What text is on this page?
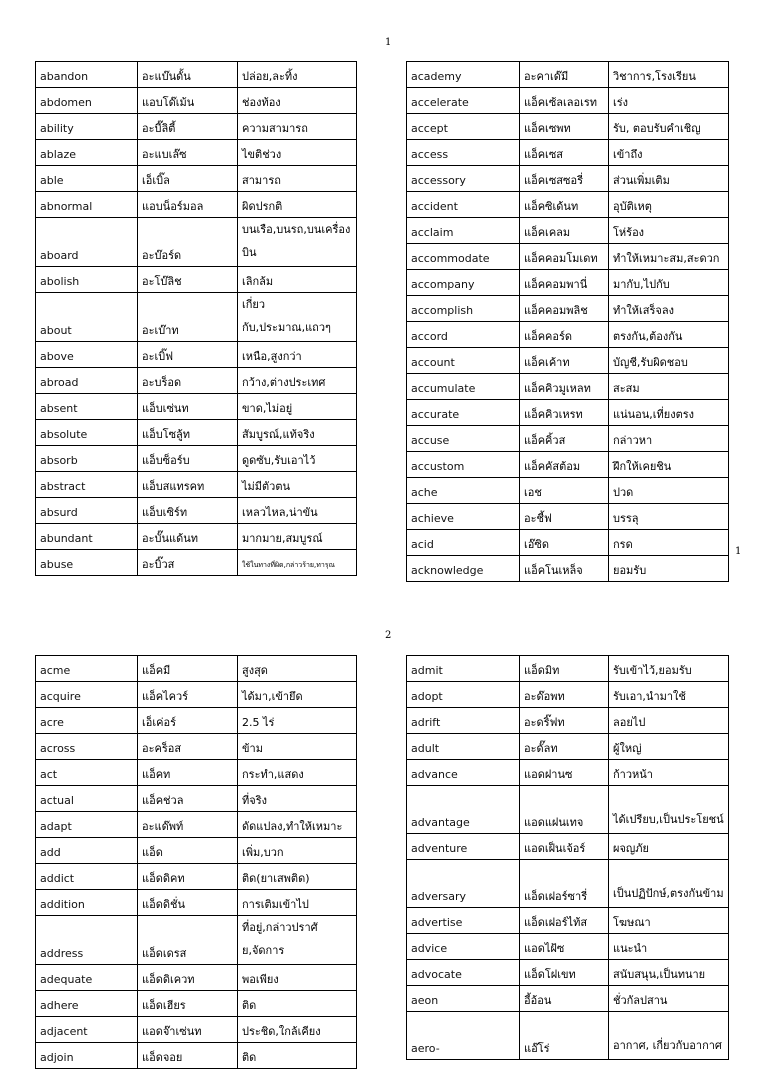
1
abandon	อะแบ๊นดั้น	ปล่อย,ละทิ้ง
abdomen	แอบโด๊เม้น	ช่องท้อง
ability	อะบี๊ลิตี้	ความสามารถ
ablaze	อะแบเล๊ซ	ไขติช่วง
able	เอ็เบิ๊ล	สามารถ
abnormal	แอบน็อร์มอล	ผิดปรกติ
aboard	อะบ๊อร์ด	บนเรือ,บนรถ,บนเครื่องบิน
abolish	อะโบ๊ลิช	เลิกล้ม
about	อะเบ๊าท	เกี่ยวกับ,ประมาณ,แถวๆ
above	อะเบิ๊ฟ	เหนือ,สูงกว่า
abroad	อะบร็อด	กว้าง,ต่างประเทศ
absent	แอ็บเซ่นท	ขาด,ไม่อยู่
absolute	แอ็บโซลู้ท	สัมบูรณ์,แท้จริง
absorb	แอ็บซ็อร์บ	ดูดซับ,รับเอาไว้
abstract	แอ็บสแทรคท	ไม่มีตัวตน
absurd	แอ็บเซิร์ท	เหลวไหล,น่าขัน
abundant	อะบั๊นแด้นท	มากมาย,สมบูรณ์
abuse	อะบิ๊วส	ใช้ในทางที่ผิด,กล่าวร้าย,ทารุณ
academy	อะคาเด๊มี	วิชาการ,โรงเรียน
accelerate	แอ็คเซ้ลเลอเรท	เร่ง
accept	แอ็คเซพท	รับ, ตอบรับคำเชิญ
access	แอ็คเซส	เข้าถึง
accessory	แอ็คเซสซอรี่	ส่วนเพิ่มเติม
accident	แอ็คซิเด้นท	อุบัติเหตุ
acclaim	แอ็คเคลม	โห่ร้อง
accommodate	แอ็คคอมโมเดท	ทำให้เหมาะสม,สะดวก
accompany	แอ็คคอมพานี่	มากับ,ไปกับ
accomplish	แอ็คคอมพลิช	ทำให้เสร็จลง
accord	แอ็คคอร์ด	ตรงกัน,ต้องกัน
account	แอ็คเค้าท	บัญชี,รับผิดชอบ
accumulate	แอ็คคิวมูเหลท	สะสม
accurate	แอ็คคิวเหรท	แน่นอน,เที่ยงตรง
accuse	แอ็คคิ้วส	กล่าวหา
accustom	แอ็คคัสต้อม	ฝึกให้เคยชิน
ache	เอช	ปวด
achieve	อะชี้ฟ	บรรลุ
acid	เอ๊ซิด	กรด
acknowledge	แอ็คโนเหล็จ	ยอมรับ
1
2
acme	แอ็คมี	สูงสุด
acquire	แอ็คไควร์	ได้มา,เข้ายึด
acre	เอ็เค่อร์	2.5 ไร่
across	อะคร็อส	ข้าม
act	แอ็คท	กระทำ,แสดง
actual	แอ็คช่วล	ที่จริง
adapt	อะแด๊พท์	ดัดแปลง,ทำให้เหมาะ
add	แอ็ด	เพิ่ม,บวก
addict	แอ็ดดิคท	ติด(ยาเสพติด)
addition	แอ็ดดิชั่น	การเติมเข้าไป
address	แอ็ดเดรส	ที่อยู่,กล่าวปราศัย,จัดการ
adequate	แอ็ดดิเควท	พอเพียง
adhere	แอ็ดเฮียร	ติด
adjacent	แอดจ๊าเซ่นท	ประชิด,ใกล้เคียง
adjoin	แอ็ดจอย	ติด
admit	แอ็ดมิท	รับเข้าไว้,ยอมรับ
adopt	อะด๊อพท	รับเอา,นำมาใช้
adrift	อะดริ๊ฟท	ลอยไป
adult	อะดั๊ลท	ผู้ใหญ่
advance	แอดฝานซ	ก้าวหน้า
advantage	แอดแฝนเทจ	ได้เปรียบ,เป็นประโยชน์
adventure	แอดเฝ็นเจ้อร์	ผจญภัย
adversary	แอ็ดเฝอร์ซารี่	เป็นปฏิปักษ์,ตรงกันข้าม
advertise	แอ็ดเฝอร์ไท้ส	โฆษณา
advice	แอดไฝ้ซ	แนะนำ
advocate	แอ็ดโฝเขท	สนับสนุน,เป็นทนาย
aeon	อี้อ้อน	ชั่วกัลปสาน
aero-	แอ๊โร่	อากาศ, เกี่ยวกับอากาศ
